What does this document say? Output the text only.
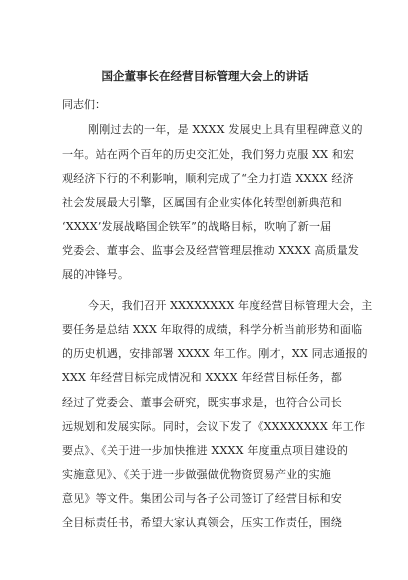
国企董事长在经营目标管理大会上的讲话
同志们：
刚刚过去的一年，是 XXXX 发展史上具有里程碑意义的
一年。站在两个百年的历史交汇处，我们努力克服 XX 和宏
观经济下行的不利影响，顺利完成了“全力打造 XXXX 经济
社会发展最大引擎，区属国有企业实体化转型创新典范和
‘XXXX’发展战略国企铁军”的战略目标，吹响了新一届
党委会、董事会、监事会及经营管理层推动 XXXX 高质量发
展的冲锋号。
今天，我们召开 XXXXXXXX 年度经营目标管理大会，主
要任务是总结 XXX 年取得的成绩，科学分析当前形势和面临
的历史机遇，安排部署 XXXX 年工作。刚才，XX 同志通报的
XXX 年经营目标完成情况和 XXXX 年经营目标任务，都
经过了党委会、董事会研究，既实事求是，也符合公司长
远规划和发展实际。同时，会议下发了《XXXXXXXX 年工作
要点》、《关于进一步加快推进 XXXX 年度重点项目建设的
实施意见》、《关于进一步做强做优物资贸易产业的实施
意见》等文件。集团公司与各子公司签订了经营目标和安
全目标责任书，希望大家认真领会，压实工作责任，围绕
